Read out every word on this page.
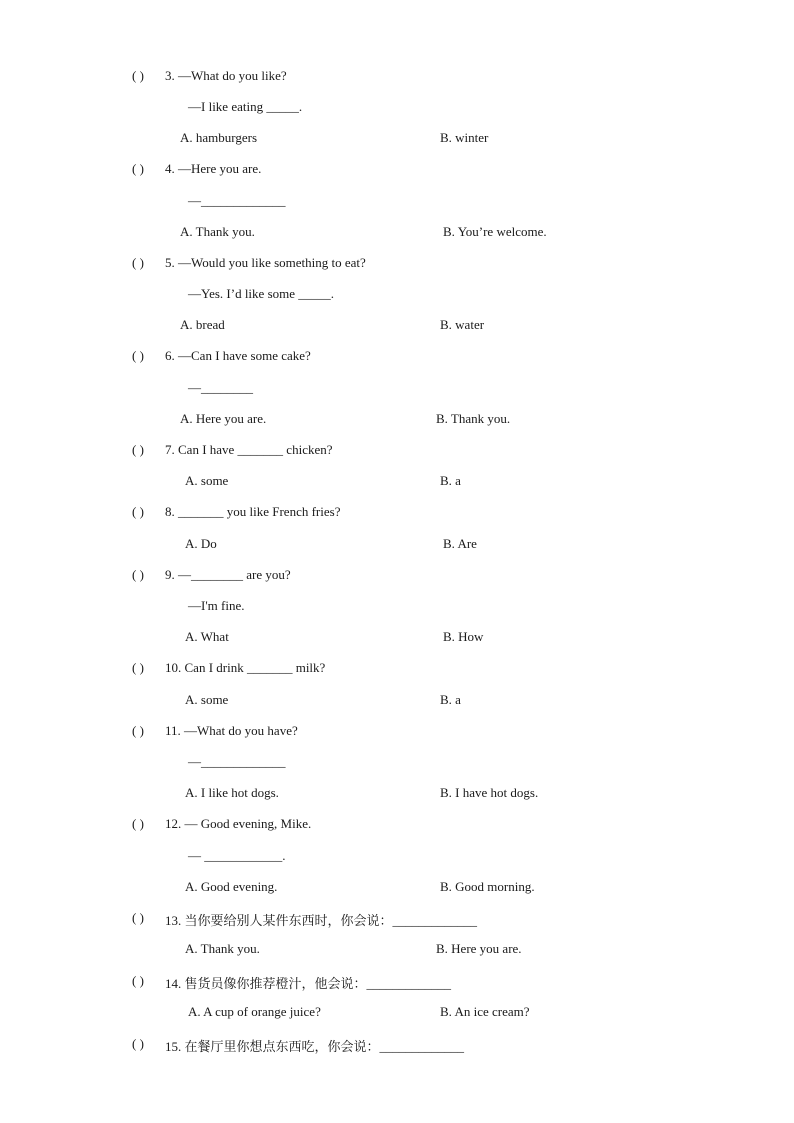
( ) 3. —What do you like?
—I like eating _____.
A. hamburgers	B. winter
( ) 4. —Here you are.
—_____________
A. Thank you.	B. You’re welcome.
( ) 5. —Would you like something to eat?
—Yes. I’d like some _____.
A. bread	B. water
( ) 6. —Can I have some cake?
—________
A. Here you are.	B. Thank you.
( ) 7. Can I have _______ chicken?
A. some	B. a
( ) 8. _______ you like French fries?
A. Do	B. Are
( ) 9. —________ are you?
—I'm fine.
A. What	B. How
( ) 10. Can I drink _______ milk?
A. some	B. a
( ) 11. —What do you have?
—_____________
A. I like hot dogs.	B. I have hot dogs.
( ) 12. — Good evening, Mike.
— ____________.
A. Good evening.	B. Good morning.
( ) 13. 当你要给别人某件东西时，你会说：_____________
A. Thank you.	B. Here you are.
( ) 14. 售货员像你推荐橙汁，他会说：_____________
A. A cup of orange juice?	B. An ice cream?
( ) 15. 在餐厅里你想点东西吃，你会说：_____________
